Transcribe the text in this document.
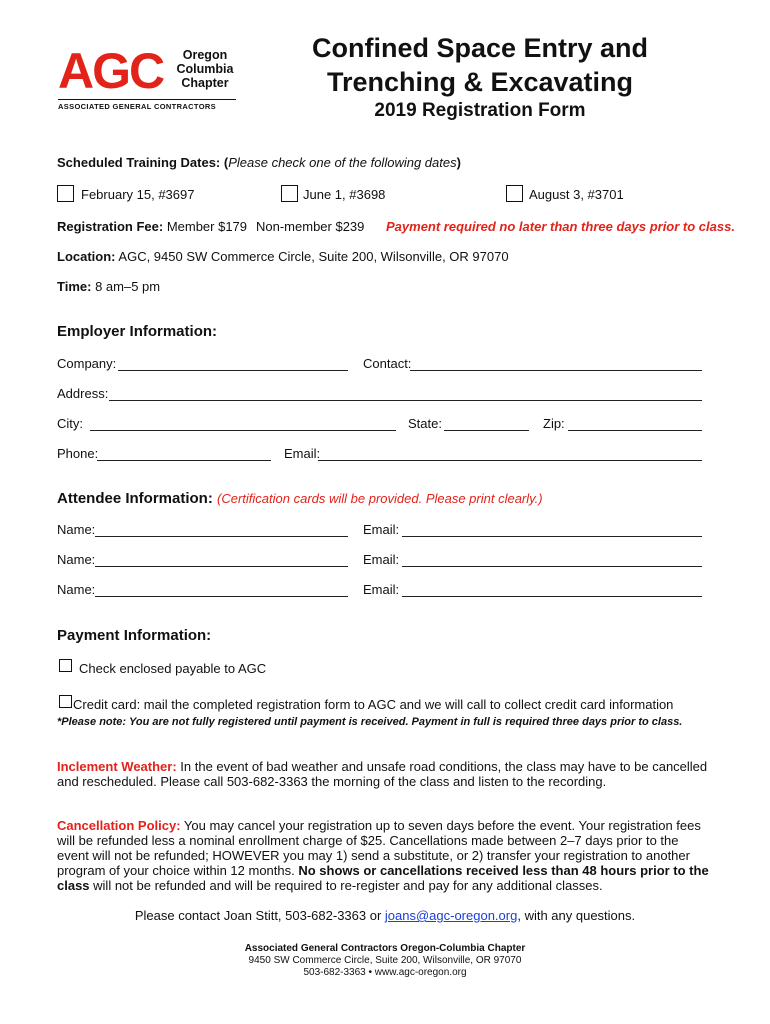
AGC	Oregon
Columbia
Chapter
ASSOCIATED GENERAL CONTRACTORS
Confined Space Entry and
Trenching & Excavating
2019 Registration Form
Scheduled Training Dates: (Please check one of the following dates)
February 15, #3697	June 1, #3698	August 3, #3701
Registration Fee: Member $179 Non-member $239 Payment required no later than three days prior to class.
Location: AGC, 9450 SW Commerce Circle, Suite 200, Wilsonville, OR 97070
Time: 8 am–5 pm
Employer Information:
Company:	Contact:
Address:
City:	State:	Zip:
Phone:	Email:
Attendee Information: (Certification cards will be provided. Please print clearly.)
Name:	Email:
Name:	Email:
Name:	Email:
Payment Information:
Check enclosed payable to AGC
Credit card: mail the completed registration form to AGC and we will call to collect credit card information
*Please note: You are not fully registered until payment is received. Payment in full is required three days prior to class.
Inclement Weather: In the event of bad weather and unsafe road conditions, the class may have to be cancelled and rescheduled. Please call 503-682-3363 the morning of the class and listen to the recording.
Cancellation Policy: You may cancel your registration up to seven days before the event. Your registration fees will be refunded less a nominal enrollment charge of $25. Cancellations made between 2–7 days prior to the event will not be refunded; HOWEVER you may 1) send a substitute, or 2) transfer your registration to another program of your choice within 12 months. No shows or cancellations received less than 48 hours prior to the class will not be refunded and will be required to re-register and pay for any additional classes.
Please contact Joan Stitt, 503-682-3363 or joans@agc-oregon.org, with any questions.
Associated General Contractors Oregon-Columbia Chapter
9450 SW Commerce Circle, Suite 200, Wilsonville, OR 97070
503-682-3363 • www.agc-oregon.org
